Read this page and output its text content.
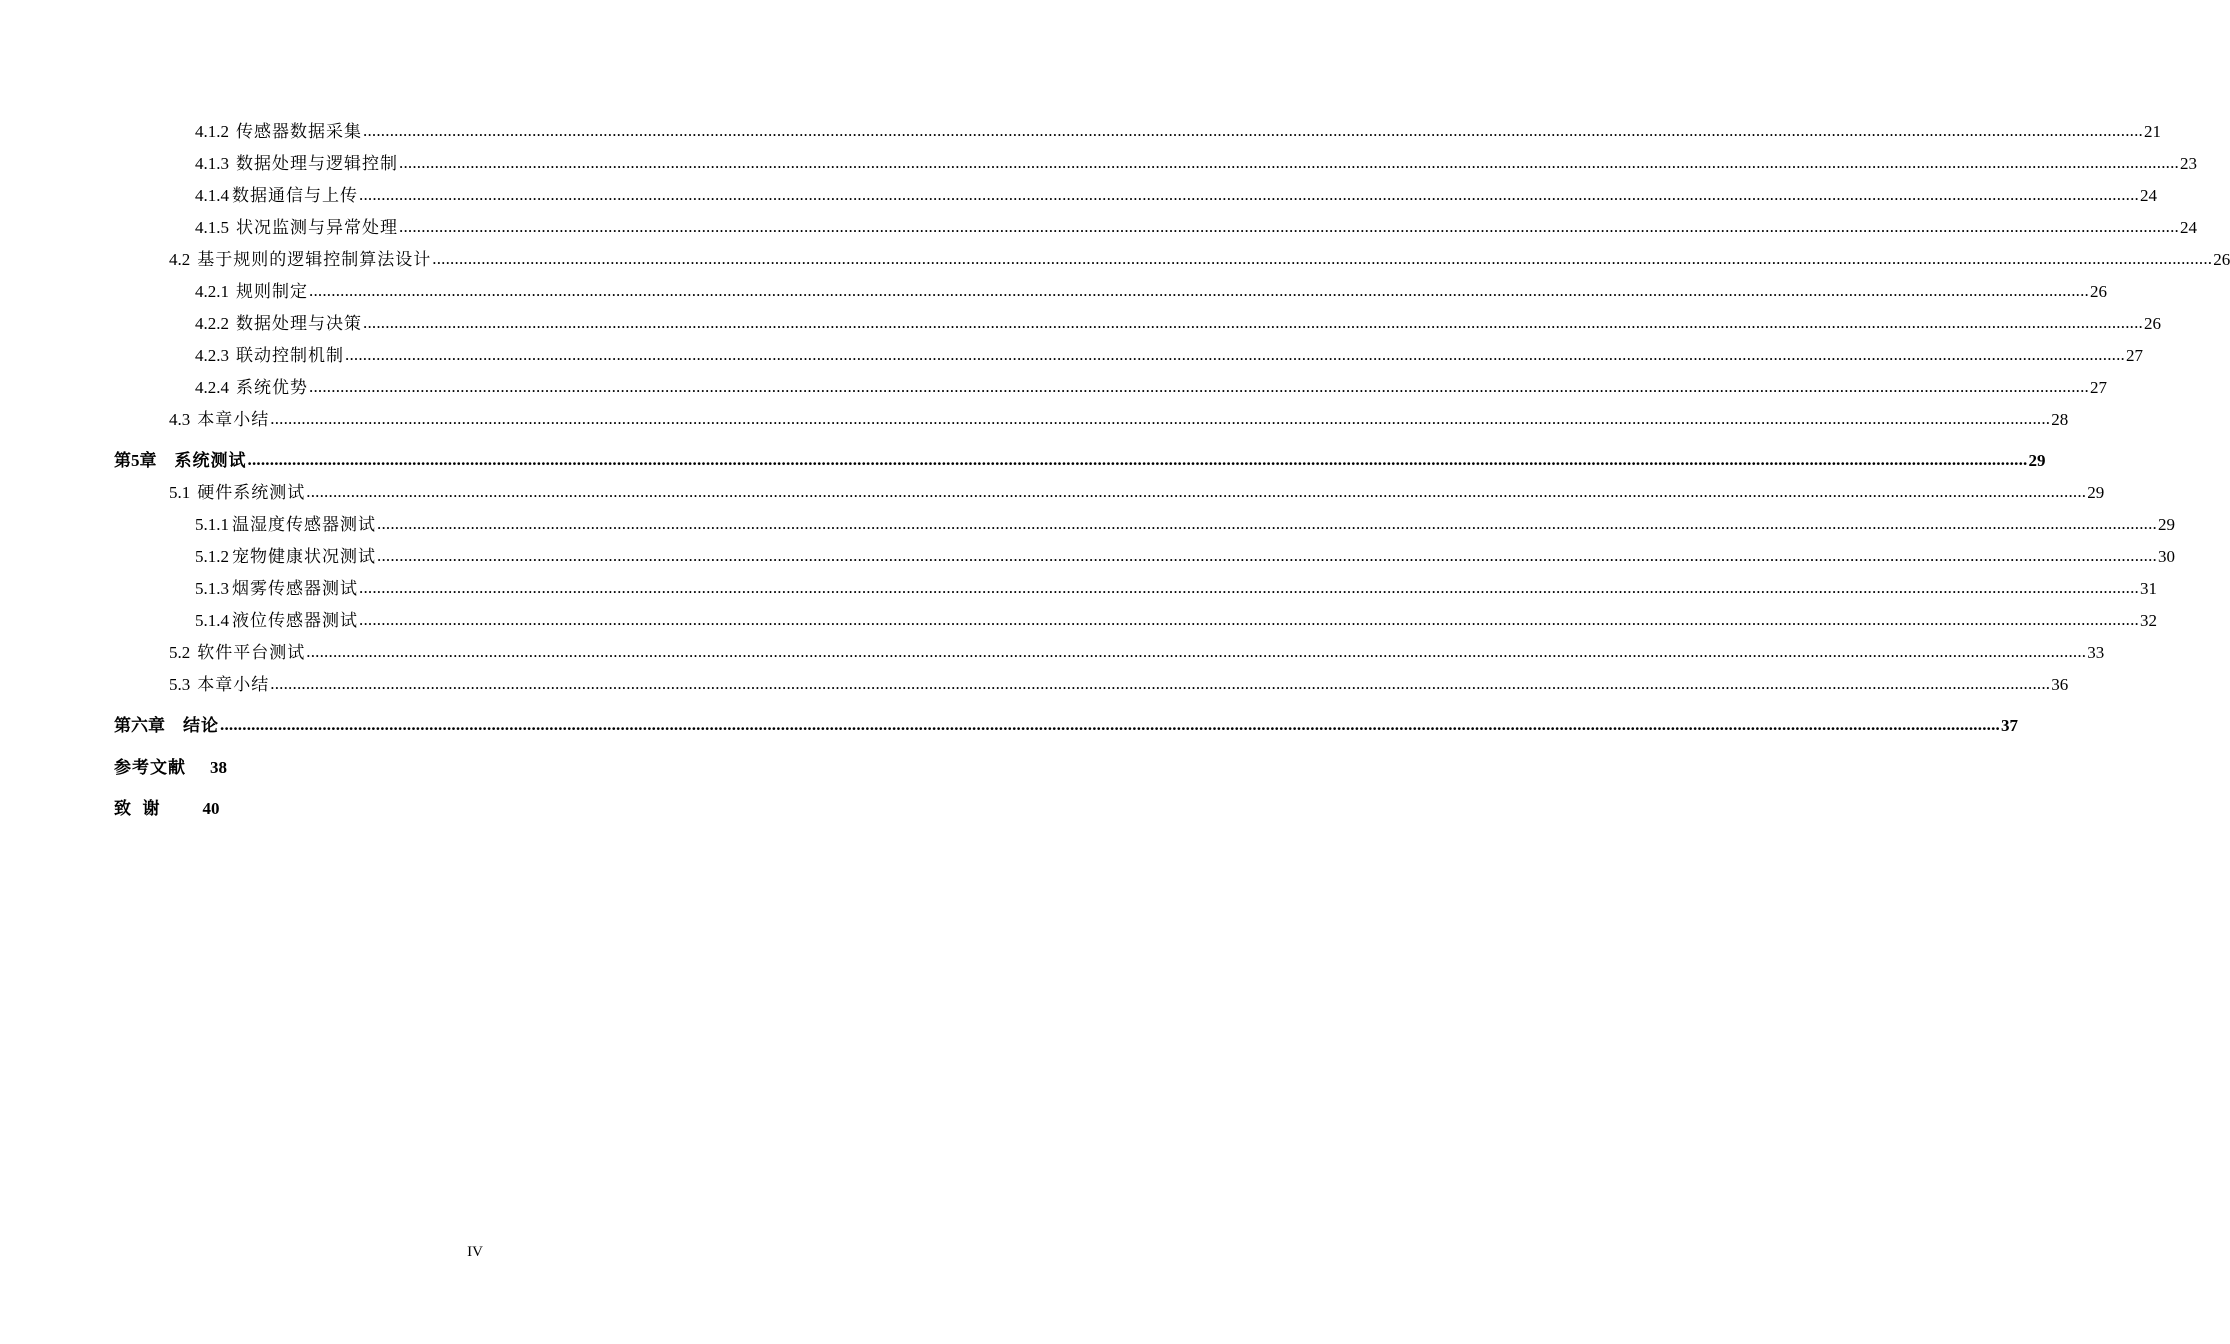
4.1.2 传感器数据采集 ................................................................................................................................................................................................................................................................................................................................................................................................................ 21
4.1.3 数据处理与逻辑控制 ................................................................................................................................................................................................................................................................................................................................................................................................................ 23
4.1.4 数据通信与上传 ................................................................................................................................................................................................................................................................................................................................................................................................................ 24
4.1.5 状况监测与异常处理 ................................................................................................................................................................................................................................................................................................................................................................................................................ 24
4.2 基于规则的逻辑控制算法设计 ................................................................................................................................................................................................................................................................................................................................................................................................................ 26
4.2.1 规则制定 ................................................................................................................................................................................................................................................................................................................................................................................................................ 26
4.2.2 数据处理与决策 ................................................................................................................................................................................................................................................................................................................................................................................................................ 26
4.2.3 联动控制机制 ................................................................................................................................................................................................................................................................................................................................................................................................................ 27
4.2.4 系统优势 ................................................................................................................................................................................................................................................................................................................................................................................................................ 27
4.3 本章小结 ................................................................................................................................................................................................................................................................................................................................................................................................................ 28
第5章 系统测试 ................................................................................................................................................................................................................................................................................................................................................................................................................ 29
5.1 硬件系统测试 ................................................................................................................................................................................................................................................................................................................................................................................................................ 29
5.1.1 温湿度传感器测试 ................................................................................................................................................................................................................................................................................................................................................................................................................ 29
5.1.2 宠物健康状况测试 ................................................................................................................................................................................................................................................................................................................................................................................................................ 30
5.1.3 烟雾传感器测试 ................................................................................................................................................................................................................................................................................................................................................................................................................ 31
5.1.4 液位传感器测试 ................................................................................................................................................................................................................................................................................................................................................................................................................ 32
5.2 软件平台测试 ................................................................................................................................................................................................................................................................................................................................................................................................................ 33
5.3 本章小结 ................................................................................................................................................................................................................................................................................................................................................................................................................ 36
第六章 结论 ................................................................................................................................................................................................................................................................................................................................................................................................................ 37
参考文献 38
致  谢 40
IV
